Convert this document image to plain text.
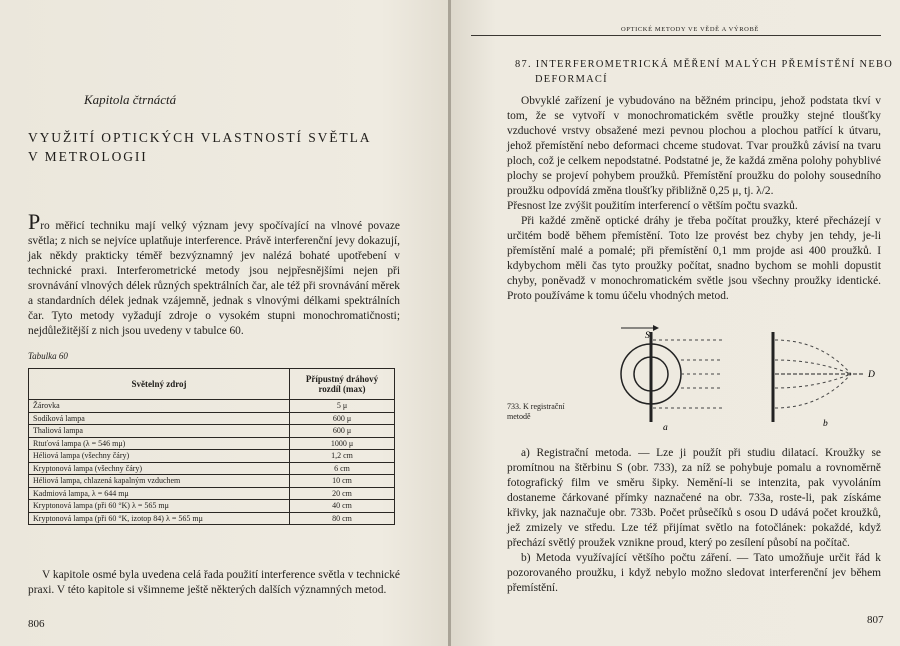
Kapitola čtrnáctá
VYUŽITÍ OPTICKÝCH VLASTNOSTÍ SVĚTLA
V METROLOGII

Pro měřicí techniku mají velký význam jevy spočívající na vlnové povaze světla; z nich se nejvíce uplatňuje interference. Právě interferenční jevy dokazují, jak někdy prakticky téměř bezvýznamný jev nalézá bohaté upotřebení v technické praxi. Interferometrické metody jsou nejpřesnějšími nejen při srovnávání vlnových délek různých spektrálních čar, ale též při srovnávání měrek a standardních délek jednak vzájemně, jednak s vlnovými délkami spektrálních čar. Tyto metody vyžadují zdroje o vysokém stupni monochromatičnosti; nejdůležitější z nich jsou uvedeny v tabulce 60.

Tabulka 60
Světelný zdroj	Přípustný dráhový
rozdíl (max)

Žárovka	5 μ
Sodíková lampa	600 μ
Thaliová lampa	600 μ
Rtuťová lampa (λ = 546 mμ)	1000 μ
Héliová lampa (všechny čáry)	1,2 cm
Kryptonová lampa (všechny čáry)	6 cm
Héliová lampa, chlazená kapalným vzduchem	10 cm
Kadmiová lampa, λ = 644 mμ	20 cm
Kryptonová lampa (při 60 °K) λ = 565 mμ	40 cm
Kryptonová lampa (při 60 °K, izotop 84) λ = 565 mμ	80 cm

V kapitole osmé byla uvedena celá řada použití interference světla v technické praxi. V této kapitole si všimneme ještě některých dalších významných metod.

806
OPTICKÉ METODY VE VĚDĚ A VÝROBĚ
87. INTERFEROMETRICKÁ MĚŘENÍ MALÝCH PŘEMÍSTĚNÍ NEBO
DEFORMACÍ

Obvyklé zařízení je vybudováno na běžném principu, jehož podstata tkví v tom, že se vytvoří v monochromatickém světle proužky stejné tloušťky vzduchové vrstvy obsažené mezi pevnou plochou a plochou patřící k útvaru, jehož přemístění nebo deformaci chceme studovat. Tvar proužků závisí na tvaru ploch, což je celkem nepodstatné. Podstatné je, že každá změna polohy pohyblivé plochy se projeví pohybem proužků. Přemístění proužku do polohy sousedního proužku odpovídá změna tloušťky přibližně 0,25 μ, tj. λ/2.

Přesnost lze zvýšit použitím interferencí o větším počtu svazků.

Při každé změně optické dráhy je třeba počítat proužky, které přecházejí v určitém bodě během přemístění. Toto lze provést bez chyby jen tehdy, je-li přemístění malé a pomalé; při přemístění 0,1 mm projde asi 400 proužků. I kdybychom měli čas tyto proužky počítat, snadno bychom se mohli dopustit chyby, poněvadž v monochromatickém světle jsou všechny proužky identické. Proto používáme k tomu účelu vhodných metod.

S
a	b
D
733. K registrační
metodě

a) Registrační metoda. — Lze ji použít při studiu dilatací. Kroužky se promítnou na štěrbinu S (obr. 733), za níž se pohybuje pomalu a rovnoměrně fotografický film ve směru šipky. Nemění-li se intenzita, pak vyvoláním dostaneme čárkované přímky naznačené na obr. 733a, roste-li, pak získáme křivky, jak naznačuje obr. 733b. Počet průsečíků s osou D udává počet kroužků, jež zmizely ve středu. Lze též přijímat světlo na fotočlánek: pokaždé, když přechází světlý proužek vznikne proud, který po zesílení působí na počítač.

b) Metoda využívající většího počtu záření. — Tato umožňuje určit řád k pozorovaného proužku, i když nebylo možno sledovat interferenční jev během přemístění.

807
